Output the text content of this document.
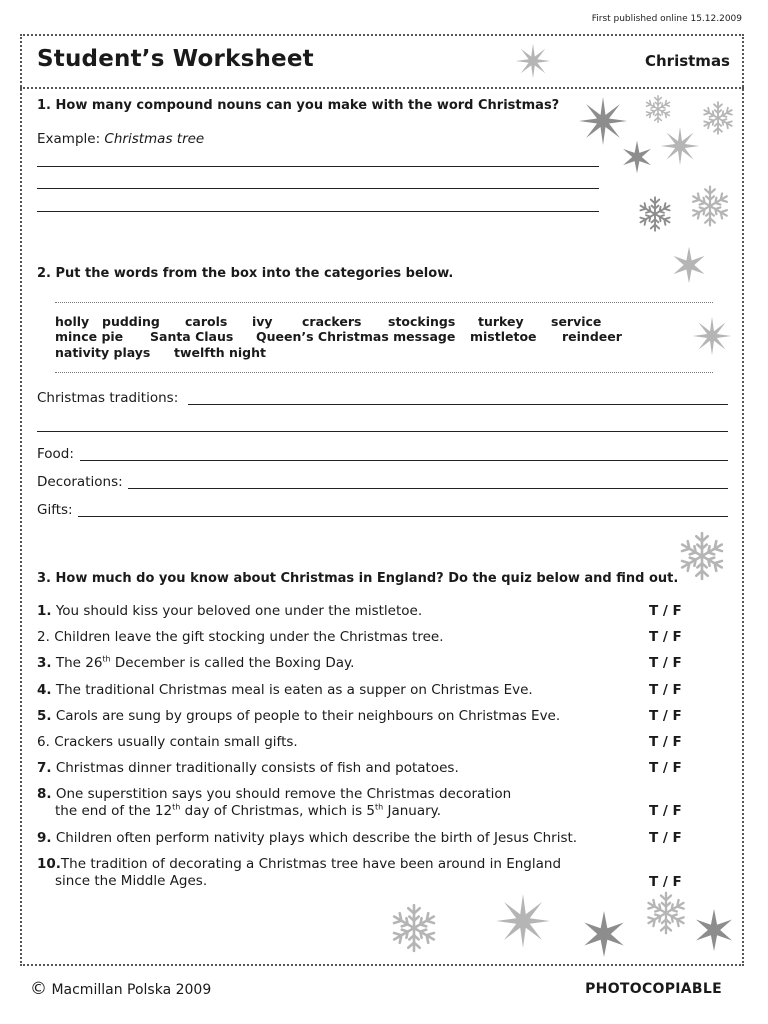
First published online 15.12.2009
Student’s Worksheet	Christmas
1. How many compound nouns can you make with the word Christmas?
Example: Christmas tree
2. Put the words from the box into the categories below.
holly pudding carols ivy crackers stockings turkey service
mince pie Santa Claus Queen’s Christmas message mistletoe reindeer
nativity plays twelfth night
Christmas traditions:
Food:
Decorations:
Gifts:
3. How much do you know about Christmas in England? Do the quiz below and find out.
1. You should kiss your beloved one under the mistletoe.	T / F
2. Children leave the gift stocking under the Christmas tree.	T / F
3. The 26th December is called the Boxing Day.	T / F
4. The traditional Christmas meal is eaten as a supper on Christmas Eve.	T / F
5. Carols are sung by groups of people to their neighbours on Christmas Eve.	T / F
6. Crackers usually contain small gifts.	T / F
7. Christmas dinner traditionally consists of fish and potatoes.	T / F
8. One superstition says you should remove the Christmas decoration
the end of the 12th day of Christmas, which is 5th January.	T / F
9. Children often perform nativity plays which describe the birth of Jesus Christ.	T / F
10.The tradition of decorating a Christmas tree have been around in England
since the Middle Ages.	T / F
© Macmillan Polska 2009	PHOTOCOPIABLE
